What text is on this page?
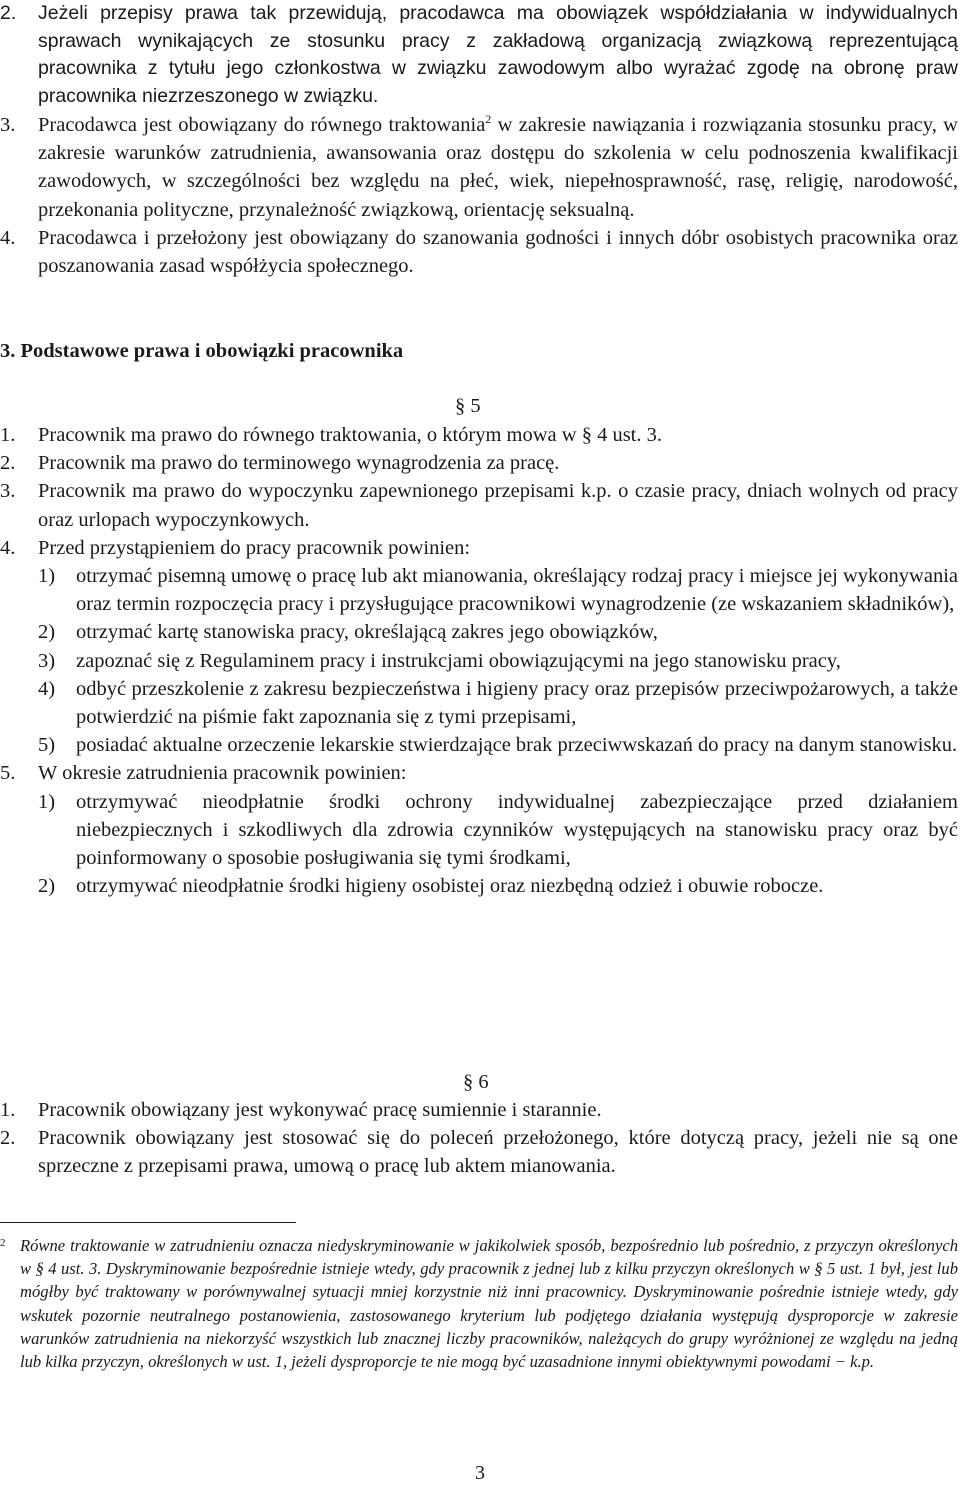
2. Jeżeli przepisy prawa tak przewidują, pracodawca ma obowiązek współdziałania w indywidualnych sprawach wynikających ze stosunku pracy z zakładową organizacją związkową reprezentującą pracownika z tytułu jego członkostwa w związku zawodowym albo wyrażać zgodę na obronę praw pracownika niezrzeszonego w związku.

3. Pracodawca jest obowiązany do równego traktowania$^2$ w zakresie nawiązania i rozwiązania stosunku pracy, w zakresie warunków zatrudnienia, awansowania oraz dostępu do szkolenia w celu podnoszenia kwalifikacji zawodowych, w szczególności bez względu na płeć, wiek, niepełnosprawność, rasę, religię, narodowość, przekonania polityczne, przynależność związkową, orientację seksualną.

4. Pracodawca i przełożony jest obowiązany do szanowania godności i innych dóbr osobistych pracownika oraz poszanowania zasad współżycia społecznego.

3. Podstawowe prawa i obowiązki pracownika
§ 5

1. Pracownik ma prawo do równego traktowania, o którym mowa w § 4 ust. 3.

2. Pracownik ma prawo do terminowego wynagrodzenia za pracę.

3. Pracownik ma prawo do wypoczynku zapewnionego przepisami k.p. o czasie pracy, dniach wolnych od pracy oraz urlopach wypoczynkowych.

4. Przed przystąpieniem do pracy pracownik powinien:

1) otrzymać pisemną umowę o pracę lub akt mianowania, określający rodzaj pracy i miejsce jej wykonywania oraz termin rozpoczęcia pracy i przysługujące pracownikowi wynagrodzenie (ze wskazaniem składników),

2) otrzymać kartę stanowiska pracy, określającą zakres jego obowiązków,

3) zapoznać się z Regulaminem pracy i instrukcjami obowiązującymi na jego stanowisku pracy,

4) odbyć przeszkolenie z zakresu bezpieczeństwa i higieny pracy oraz przepisów przeciwpożarowych, a także potwierdzić na piśmie fakt zapoznania się z tymi przepisami,

5) posiadać aktualne orzeczenie lekarskie stwierdzające brak przeciwwskazań do pracy na danym stanowisku.

5. W okresie zatrudnienia pracownik powinien:

1) otrzymywać nieodpłatnie środki ochrony indywidualnej zabezpieczające przed działaniem niebezpiecznych i szkodliwych dla zdrowia czynników występujących na stanowisku pracy oraz być poinformowany o sposobie posługiwania się tymi środkami,

2) otrzymywać nieodpłatnie środki higieny osobistej oraz niezbędną odzież i obuwie robocze.

§ 6

1. Pracownik obowiązany jest wykonywać pracę sumiennie i starannie.

2. Pracownik obowiązany jest stosować się do poleceń przełożonego, które dotyczą pracy, jeżeli nie są one sprzeczne z przepisami prawa, umową o pracę lub aktem mianowania.

2 Równe traktowanie w zatrudnieniu oznacza niedyskryminowanie w jakikolwiek sposób, bezpośrednio lub pośrednio, z przyczyn określonych w § 4 ust. 3. Dyskryminowanie bezpośrednie istnieje wtedy, gdy pracownik z jednej lub z kilku przyczyn określonych w § 5 ust. 1 był, jest lub mógłby być traktowany w porównywalnej sytuacji mniej korzystnie niż inni pracownicy. Dyskryminowanie pośrednie istnieje wtedy, gdy wskutek pozornie neutralnego postanowienia, zastosowanego kryterium lub podjętego działania występują dysproporcje w zakresie warunków zatrudnienia na niekorzyść wszystkich lub znacznej liczby pracowników, należących do grupy wyróżnionej ze względu na jedną lub kilka przyczyn, określonych w ust. 1, jeżeli dysproporcje te nie mogą być uzasadnione innymi obiektywnymi powodami − k.p.
3
